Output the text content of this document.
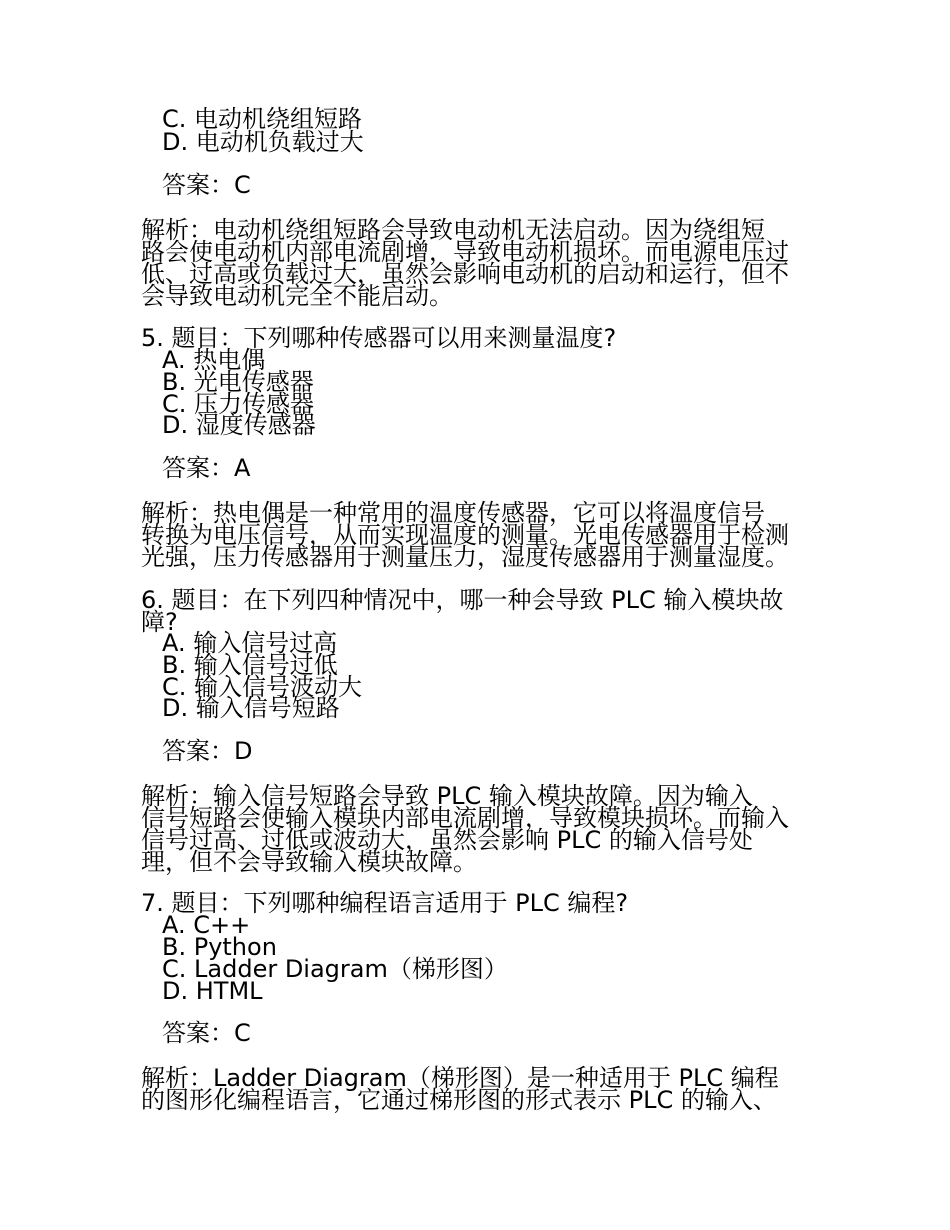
C. 电动机绕组短路
D. 电动机负载过大
答案：C
解析：电动机绕组短路会导致电动机无法启动。因为绕组短
路会使电动机内部电流剧增，导致电动机损坏。而电源电压过
低、过高或负载过大，虽然会影响电动机的启动和运行，但不
会导致电动机完全不能启动。
5. 题目：下列哪种传感器可以用来测量温度?
A. 热电偶
B. 光电传感器
C. 压力传感器
D. 湿度传感器
答案：A
解析：热电偶是一种常用的温度传感器，它可以将温度信号
转换为电压信号，从而实现温度的测量。光电传感器用于检测
光强，压力传感器用于测量压力，湿度传感器用于测量湿度。
6. 题目：在下列四种情况中，哪一种会导致 PLC 输入模块故
障?
A. 输入信号过高
B. 输入信号过低
C. 输入信号波动大
D. 输入信号短路
答案：D
解析：输入信号短路会导致 PLC 输入模块故障。因为输入
信号短路会使输入模块内部电流剧增，导致模块损坏。而输入
信号过高、过低或波动大，虽然会影响 PLC 的输入信号处
理，但不会导致输入模块故障。
7. 题目：下列哪种编程语言适用于 PLC 编程?
A. C++
B. Python
C. Ladder Diagram（梯形图）
D. HTML
答案：C
解析：Ladder Diagram（梯形图）是一种适用于 PLC 编程
的图形化编程语言，它通过梯形图的形式表示 PLC 的输入、
